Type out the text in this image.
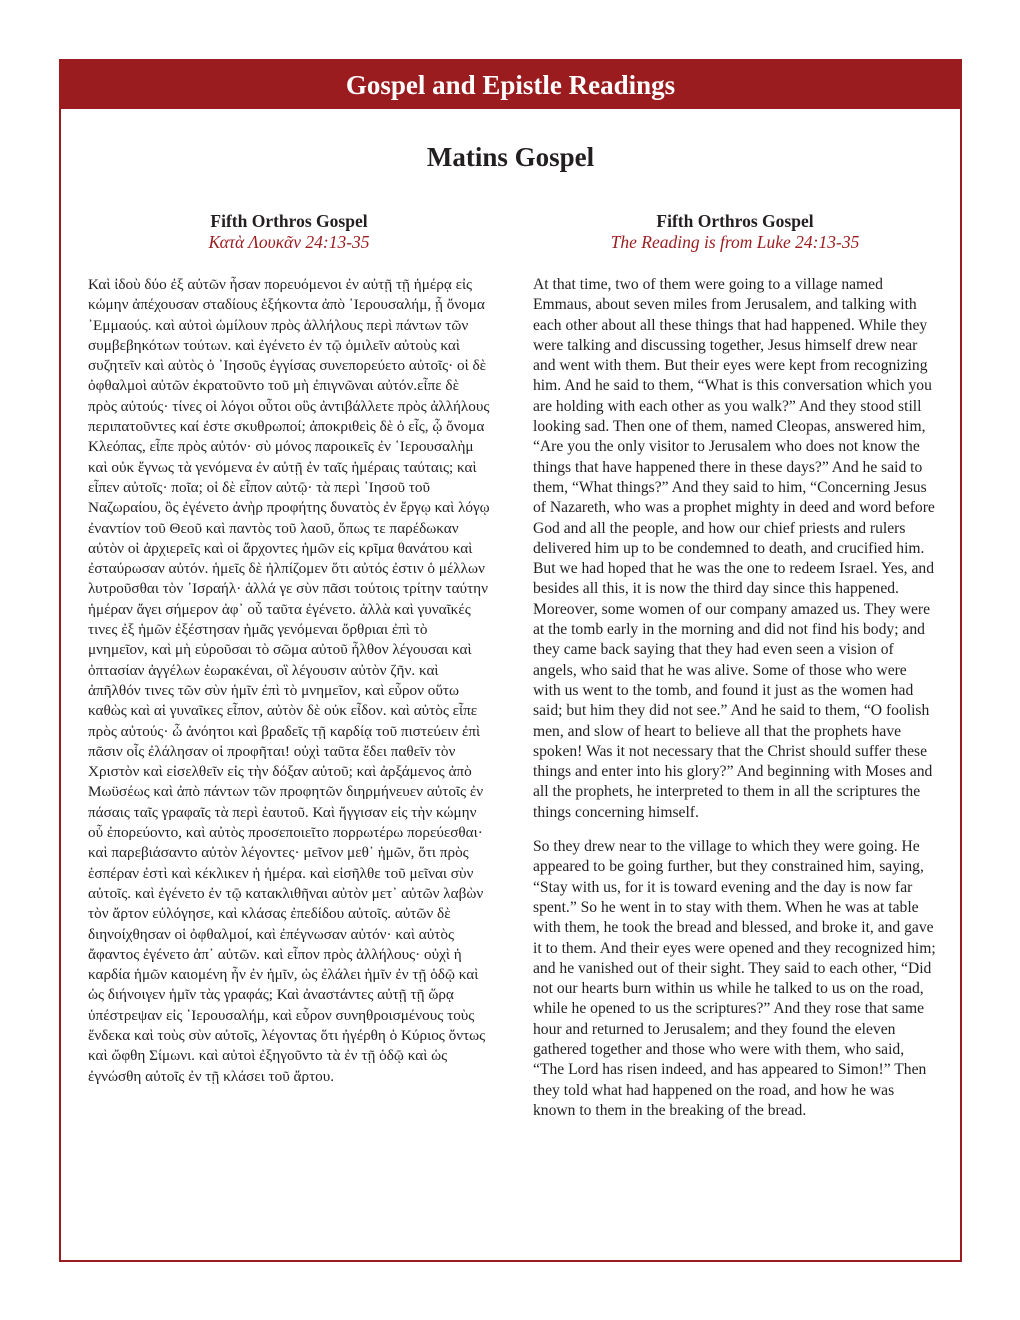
Gospel and Epistle Readings
Matins Gospel
Fifth Orthros Gospel
Κατὰ Λουκᾶν 24:13-35
Καὶ ἰδοὺ δύο ἐξ αὐτῶν ἦσαν πορευόμενοι ἐν αὐτῇ τῇ ἡμέρᾳ εἰς κώμην ἀπέχουσαν σταδίους ἑξήκοντα ἀπὸ ῾Ιερουσαλήμ, ᾗ ὄνομα ᾿Εμμαούς. καὶ αὐτοὶ ὡμίλουν πρὸς ἀλλήλους περὶ πάντων τῶν συμβεβηκότων τούτων. καὶ ἐγένετο ἐν τῷ ὁμιλεῖν αὐτοὺς καὶ συζητεῖν καὶ αὐτὸς ὁ ᾿Ιησοῦς ἐγγίσας συνεπορεύετο αὐτοῖς· οἱ δὲ ὀφθαλμοὶ αὐτῶν ἐκρατοῦντο τοῦ μὴ ἐπιγνῶναι αὐτόν.εἶπε δὲ πρὸς αὐτούς· τίνες οἱ λόγοι οὗτοι οὓς ἀντιβάλλετε πρὸς ἀλλήλους περιπατοῦντες καί ἐστε σκυθρωποί; ἀποκριθεὶς δὲ ὁ εἷς, ᾧ ὄνομα Κλεόπας, εἶπε πρὸς αὐτόν· σὺ μόνος παροικεῖς ἐν ῾Ιερουσαλὴμ καὶ οὐκ ἔγνως τὰ γενόμενα ἐν αὐτῇ ἐν ταῖς ἡμέραις ταύταις; καὶ εἶπεν αὐτοῖς· ποῖα; οἱ δὲ εἶπον αὐτῷ· τὰ περὶ ᾿Ιησοῦ τοῦ Ναζωραίου, ὃς ἐγένετο ἀνὴρ προφήτης δυνατὸς ἐν ἔργῳ καὶ λόγῳ ἐναντίον τοῦ Θεοῦ καὶ παντὸς τοῦ λαοῦ, ὅπως τε παρέδωκαν αὐτὸν οἱ ἀρχιερεῖς καὶ οἱ ἄρχοντες ἡμῶν εἰς κρῖμα θανάτου καὶ ἐσταύρωσαν αὐτόν. ἡμεῖς δὲ ἠλπίζομεν ὅτι αὐτός ἐστιν ὁ μέλλων λυτροῦσθαι τὸν ᾿Ισραήλ· ἀλλά γε σὺν πᾶσι τούτοις τρίτην ταύτην ἡμέραν ἄγει σήμερον ἀφ᾿ οὗ ταῦτα ἐγένετο. ἀλλὰ καὶ γυναῖκές τινες ἐξ ἡμῶν ἐξέστησαν ἡμᾶς γενόμεναι ὄρθριαι ἐπὶ τὸ μνημεῖον, καὶ μὴ εὑροῦσαι τὸ σῶμα αὐτοῦ ἦλθον λέγουσαι καὶ ὀπτασίαν ἀγγέλων ἑωρακέναι, οἳ λέγουσιν αὐτὸν ζῆν. καὶ ἀπῆλθόν τινες τῶν σὺν ἡμῖν ἐπὶ τὸ μνημεῖον, καὶ εὗρον οὕτω καθὼς καὶ αἱ γυναῖκες εἶπον, αὐτὸν δὲ οὐκ εἶδον. καὶ αὐτὸς εἶπε πρὸς αὐτούς· ὦ ἀνόητοι καὶ βραδεῖς τῇ καρδίᾳ τοῦ πιστεύειν ἐπὶ πᾶσιν οἷς ἐλάλησαν οἱ προφῆται! οὐχὶ ταῦτα ἔδει παθεῖν τὸν Χριστὸν καὶ εἰσελθεῖν εἰς τὴν δόξαν αὐτοῦ; καὶ ἀρξάμενος ἀπὸ Μωϋσέως καὶ ἀπὸ πάντων τῶν προφητῶν διηρμήνευεν αὐτοῖς ἐν πάσαις ταῖς γραφαῖς τὰ περὶ ἑαυτοῦ. Καὶ ἤγγισαν εἰς τὴν κώμην οὗ ἐπορεύοντο, καὶ αὐτὸς προσεποιεῖτο πορρωτέρω πορεύεσθαι· καὶ παρεβιάσαντο αὐτὸν λέγοντες· μεῖνον μεθ᾿ ἡμῶν, ὅτι πρὸς ἑσπέραν ἐστὶ καὶ κέκλικεν ἡ ἡμέρα. καὶ εἰσῆλθε τοῦ μεῖναι σὺν αὐτοῖς. καὶ ἐγένετο ἐν τῷ κατακλιθῆναι αὐτὸν μετ᾿ αὐτῶν λαβὼν τὸν ἄρτον εὐλόγησε, καὶ κλάσας ἐπεδίδου αὐτοῖς. αὐτῶν δὲ διηνοίχθησαν οἱ ὀφθαλμοί, καὶ ἐπέγνωσαν αὐτόν· καὶ αὐτὸς ἄφαντος ἐγένετο ἀπ᾿ αὐτῶν. καὶ εἶπον πρὸς ἀλλήλους· οὐχὶ ἡ καρδία ἡμῶν καιομένη ἦν ἐν ἡμῖν, ὡς ἐλάλει ἡμῖν ἐν τῇ ὁδῷ καὶ ὡς διήνοιγεν ἡμῖν τὰς γραφάς; Καὶ ἀναστάντες αὐτῇ τῇ ὥρᾳ ὑπέστρεψαν εἰς ῾Ιερουσαλήμ, καὶ εὗρον συνηθροισμένους τοὺς ἕνδεκα καὶ τοὺς σὺν αὐτοῖς, λέγοντας ὅτι ἠγέρθη ὁ Κύριος ὄντως καὶ ὤφθη Σίμωνι. καὶ αὐτοὶ ἐξηγοῦντο τὰ ἐν τῇ ὁδῷ καὶ ὡς ἐγνώσθη αὐτοῖς ἐν τῇ κλάσει τοῦ ἄρτου.
Fifth Orthros Gospel
The Reading is from Luke 24:13-35

At that time, two of them were going to a village named Emmaus, about seven miles from Jerusalem, and talking with each other about all these things that had happened. While they were talking and discussing together, Jesus himself drew near and went with them. But their eyes were kept from recognizing him. And he said to them, “What is this conversation which you are holding with each other as you walk?” And they stood still looking sad. Then one of them, named Cleopas, answered him, “Are you the only visitor to Jerusalem who does not know the things that have happened there in these days?” And he said to them, “What things?” And they said to him, “Concerning Jesus of Nazareth, who was a prophet mighty in deed and word before God and all the people, and how our chief priests and rulers delivered him up to be condemned to death, and crucified him. But we had hoped that he was the one to redeem Israel. Yes, and besides all this, it is now the third day since this happened. Moreover, some women of our company amazed us. They were at the tomb early in the morning and did not find his body; and they came back saying that they had even seen a vision of angels, who said that he was alive. Some of those who were with us went to the tomb, and found it just as the women had said; but him they did not see.” And he said to them, “O foolish men, and slow of heart to believe all that the prophets have spoken! Was it not necessary that the Christ should suffer these things and enter into his glory?” And beginning with Moses and all the prophets, he interpreted to them in all the scriptures the things concerning himself.

So they drew near to the village to which they were going. He appeared to be going further, but they constrained him, saying, “Stay with us, for it is toward evening and the day is now far spent.” So he went in to stay with them. When he was at table with them, he took the bread and blessed, and broke it, and gave it to them. And their eyes were opened and they recognized him; and he vanished out of their sight. They said to each other, “Did not our hearts burn within us while he talked to us on the road, while he opened to us the scriptures?” And they rose that same hour and returned to Jerusalem; and they found the eleven gathered together and those who were with them, who said, “The Lord has risen indeed, and has appeared to Simon!” Then they told what had happened on the road, and how he was known to them in the breaking of the bread.
